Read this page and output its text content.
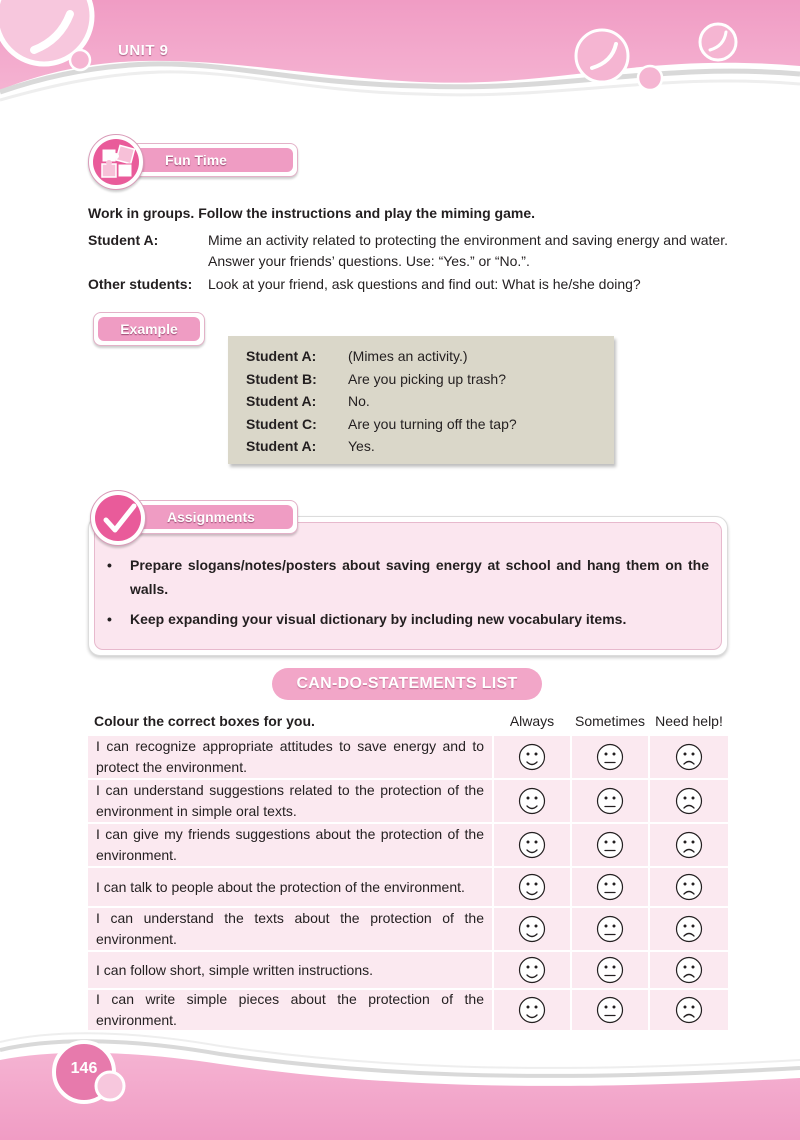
UNIT 9
Fun Time
Work in groups. Follow the instructions and play the miming game.
Student A:	Mime an activity related to protecting the environment and saving energy and water. Answer your friends’ questions. Use: “Yes.” or “No.”.
Other students:	Look at your friend, ask questions and find out: What is he/she doing?
Example
Student A: (Mimes an activity.)
Student B: Are you picking up trash?
Student A: No.
Student C: Are you turning off the tap?
Student A: Yes.
• Prepare slogans/notes/posters about saving energy at school and hang them on the walls.
• Keep expanding your visual dictionary by including new vocabulary items.
Assignments
CAN-DO-STATEMENTS LIST
Colour the correct boxes for you.	Always	Sometimes Need help!
I can recognize appropriate attitudes to save energy and to protect the environment.
I can understand suggestions related to the protection of the environment in simple oral texts.
I can give my friends suggestions about the protection of the environment.
I can talk to people about the protection of the environment.
I can understand the texts about the protection of the environment.
I can follow short, simple written instructions.
I can write simple pieces about the protection of the environment.
146
